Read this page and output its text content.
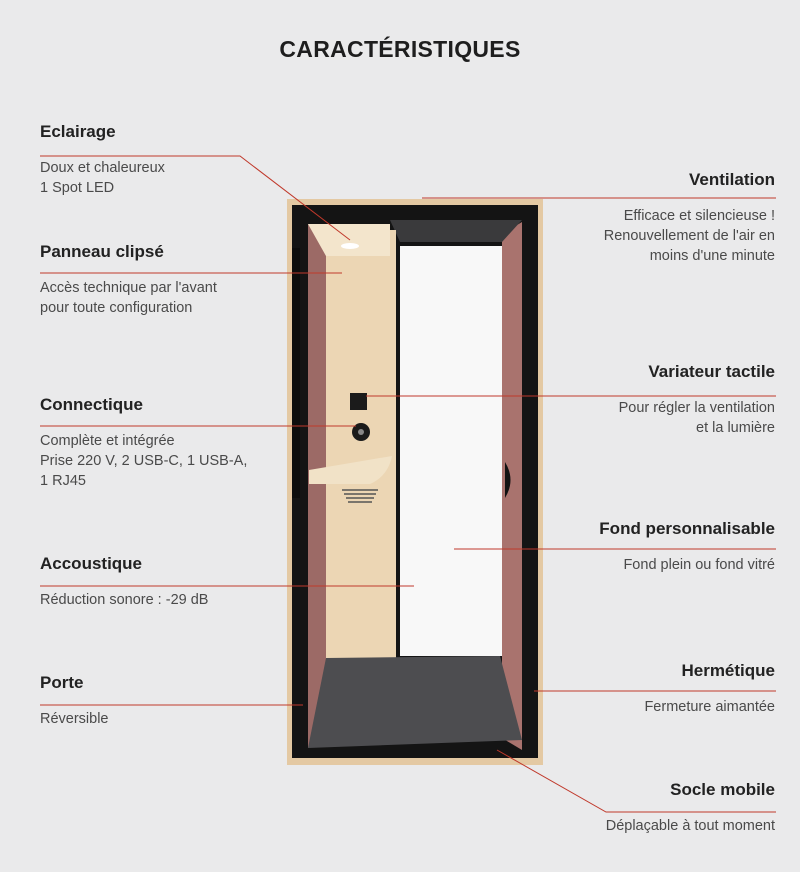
CARACTÉRISTIQUES
Eclairage
Doux et chaleureux
1 Spot LED
Panneau clipsé
Accès technique par l'avant
pour toute configuration
Connectique
Complète et intégrée
Prise 220 V, 2 USB-C, 1 USB-A,
1 RJ45
Accoustique
Réduction sonore : -29 dB
Porte
Réversible
Ventilation
Efficace et silencieuse !
Renouvellement de l'air en
moins d'une minute
Variateur tactile
Pour régler la ventilation
et la lumière
Fond personnalisable
Fond plein ou fond vitré
Hermétique
Fermeture aimantée
Socle mobile
Déplaçable à tout moment
